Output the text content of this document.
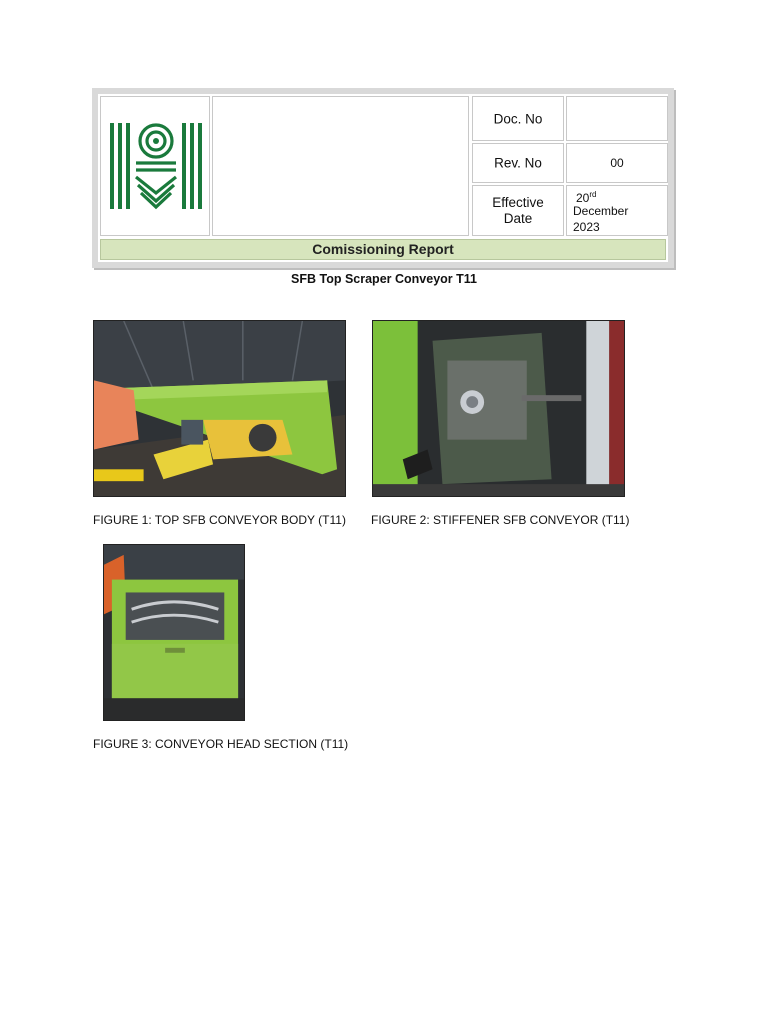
Doc. No
Rev. No	00
Effective Date
20rd
December
2023
Comissioning Report
SFB Top Scraper Conveyor T11
FIGURE 1: TOP SFB CONVEYOR BODY (T11) FIGURE 2: STIFFENER SFB CONVEYOR (T11)
FIGURE 3: CONVEYOR HEAD SECTION (T11)
